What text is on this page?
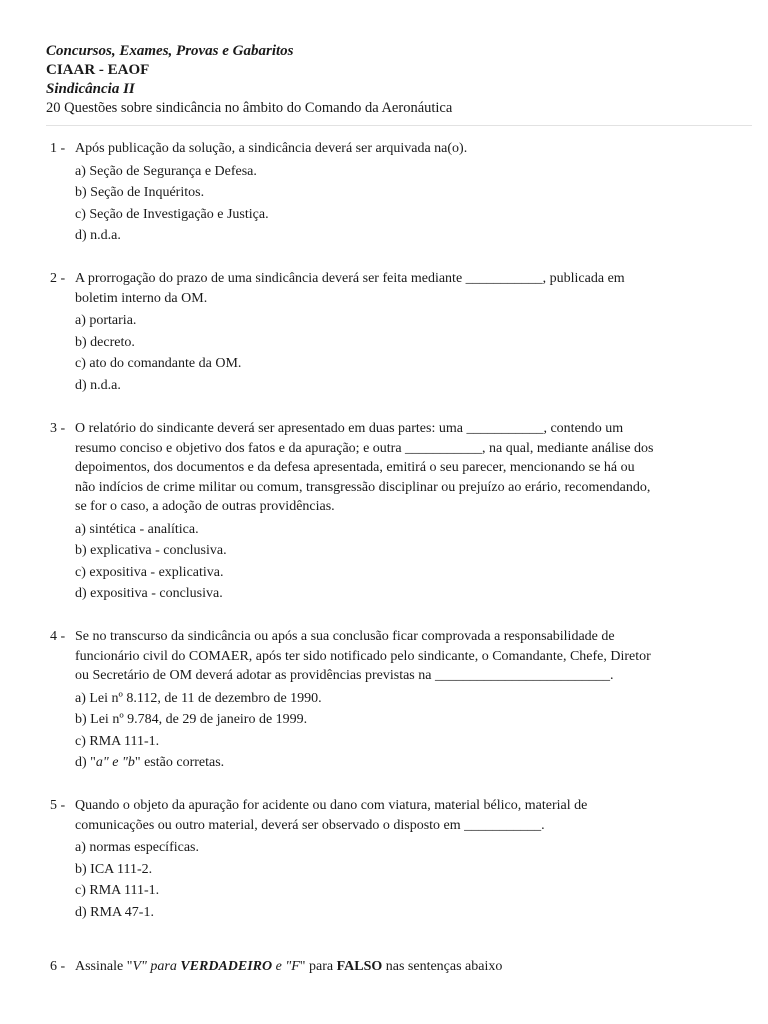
Concursos, Exames, Provas e Gabaritos
CIAAR - EAOF
Sindicância II
20 Questões sobre sindicância no âmbito do Comando da Aeronáutica
1 - Após publicação da solução, a sindicância deverá ser arquivada na(o).
a) Seção de Segurança e Defesa.
b) Seção de Inquéritos.
c) Seção de Investigação e Justiça.
d) n.d.a.
2 - A prorrogação do prazo de uma sindicância deverá ser feita mediante ___________, publicada em
boletim interno da OM.
a) portaria.
b) decreto.
c) ato do comandante da OM.
d) n.d.a.
3 - O relatório do sindicante deverá ser apresentado em duas partes: uma ___________, contendo um
resumo conciso e objetivo dos fatos e da apuração; e outra ___________, na qual, mediante análise dos
depoimentos, dos documentos e da defesa apresentada, emitirá o seu parecer, mencionando se há ou
não indícios de crime militar ou comum, transgressão disciplinar ou prejuízo ao erário, recomendando,
se for o caso, a adoção de outras providências.
a) sintética - analítica.
b) explicativa - conclusiva.
c) expositiva - explicativa.
d) expositiva - conclusiva.
4 - Se no transcurso da sindicância ou após a sua conclusão ficar comprovada a responsabilidade de
funcionário civil do COMAER, após ter sido notificado pelo sindicante, o Comandante, Chefe, Diretor
ou Secretário de OM deverá adotar as providências previstas na _________________________.
a) Lei nº 8.112, de 11 de dezembro de 1990.
b) Lei nº 9.784, de 29 de janeiro de 1999.
c) RMA 111-1.
d) "a" e "b" estão corretas.
5 - Quando o objeto da apuração for acidente ou dano com viatura, material bélico, material de
comunicações ou outro material, deverá ser observado o disposto em ___________.
a) normas específicas.
b) ICA 111-2.
c) RMA 111-1.
d) RMA 47-1.
6 - Assinale "V" para VERDADEIRO e "F" para FALSO nas sentenças abaixo
